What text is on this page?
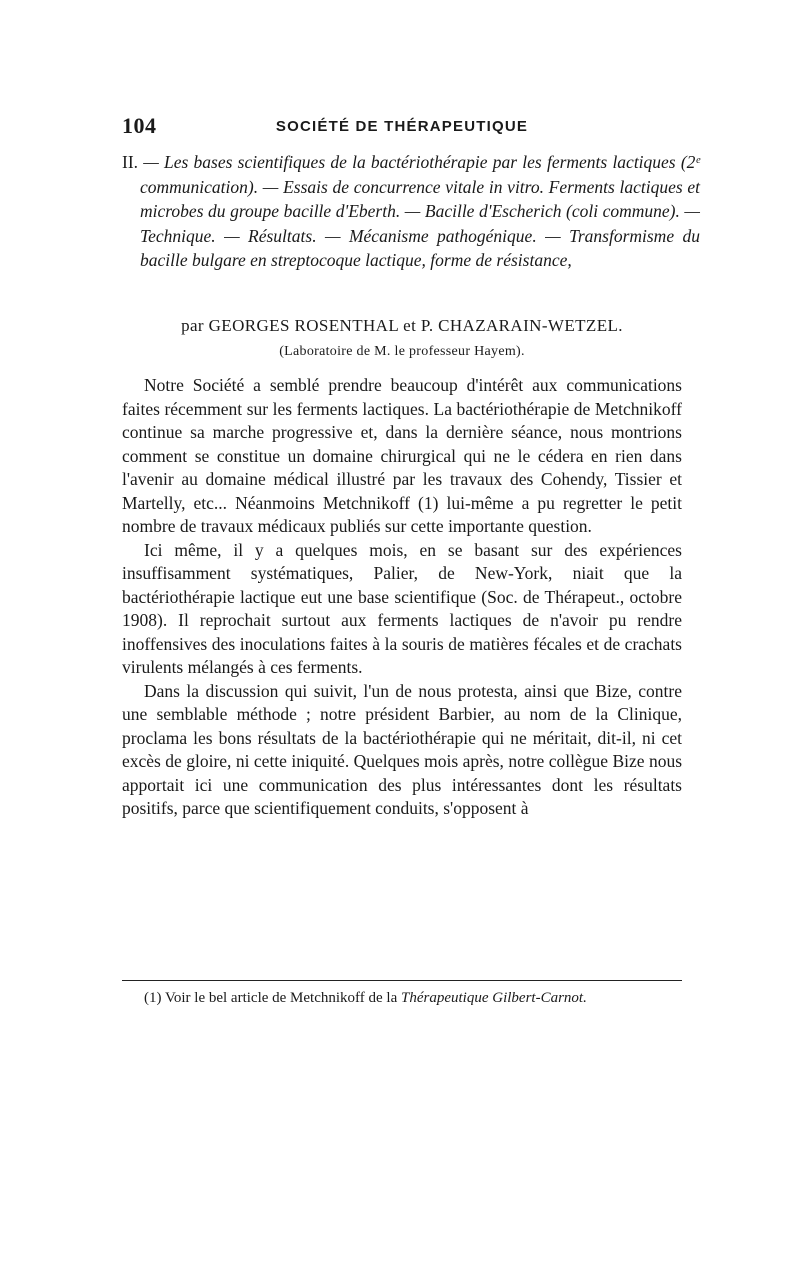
104	SOCIÉTÉ DE THÉRAPEUTIQUE
II. — Les bases scientifiques de la bactériothérapie par les ferments lactiques (2ᵉ communication). — Essais de concurrence vitale in vitro. Ferments lactiques et microbes du groupe bacille d'Eberth. — Bacille d'Escherich (coli commune). — Technique. — Résultats. — Mécanisme pathogénique. — Transformisme du bacille bulgare en streptocoque lactique, forme de résistance,
par GEORGES ROSENTHAL et P. CHAZARAIN-WETZEL.
(Laboratoire de M. le professeur Hayem).

Notre Société a semblé prendre beaucoup d'intérêt aux communications faites récemment sur les ferments lactiques. La bactériothérapie de Metchnikoff continue sa marche progressive et, dans la dernière séance, nous montrions comment se constitue un domaine chirurgical qui ne le cédera en rien dans l'avenir au domaine médical illustré par les travaux des Cohendy, Tissier et Martelly, etc... Néanmoins Metchnikoff (1) lui-même a pu regretter le petit nombre de travaux médicaux publiés sur cette importante question.

Ici même, il y a quelques mois, en se basant sur des expériences insuffisamment systématiques, Palier, de New-York, niait que la bactériothérapie lactique eut une base scientifique (Soc. de Thérapeut., octobre 1908). Il reprochait surtout aux ferments lactiques de n'avoir pu rendre inoffensives des inoculations faites à la souris de matières fécales et de crachats virulents mélangés à ces ferments.

Dans la discussion qui suivit, l'un de nous protesta, ainsi que Bize, contre une semblable méthode ; notre président Barbier, au nom de la Clinique, proclama les bons résultats de la bactériothérapie qui ne méritait, dit-il, ni cet excès de gloire, ni cette iniquité. Quelques mois après, notre collègue Bize nous apportait ici une communication des plus intéressantes dont les résultats positifs, parce que scientifiquement conduits, s'opposent à

(1) Voir le bel article de Metchnikoff de la Thérapeutique Gilbert-Carnot.
